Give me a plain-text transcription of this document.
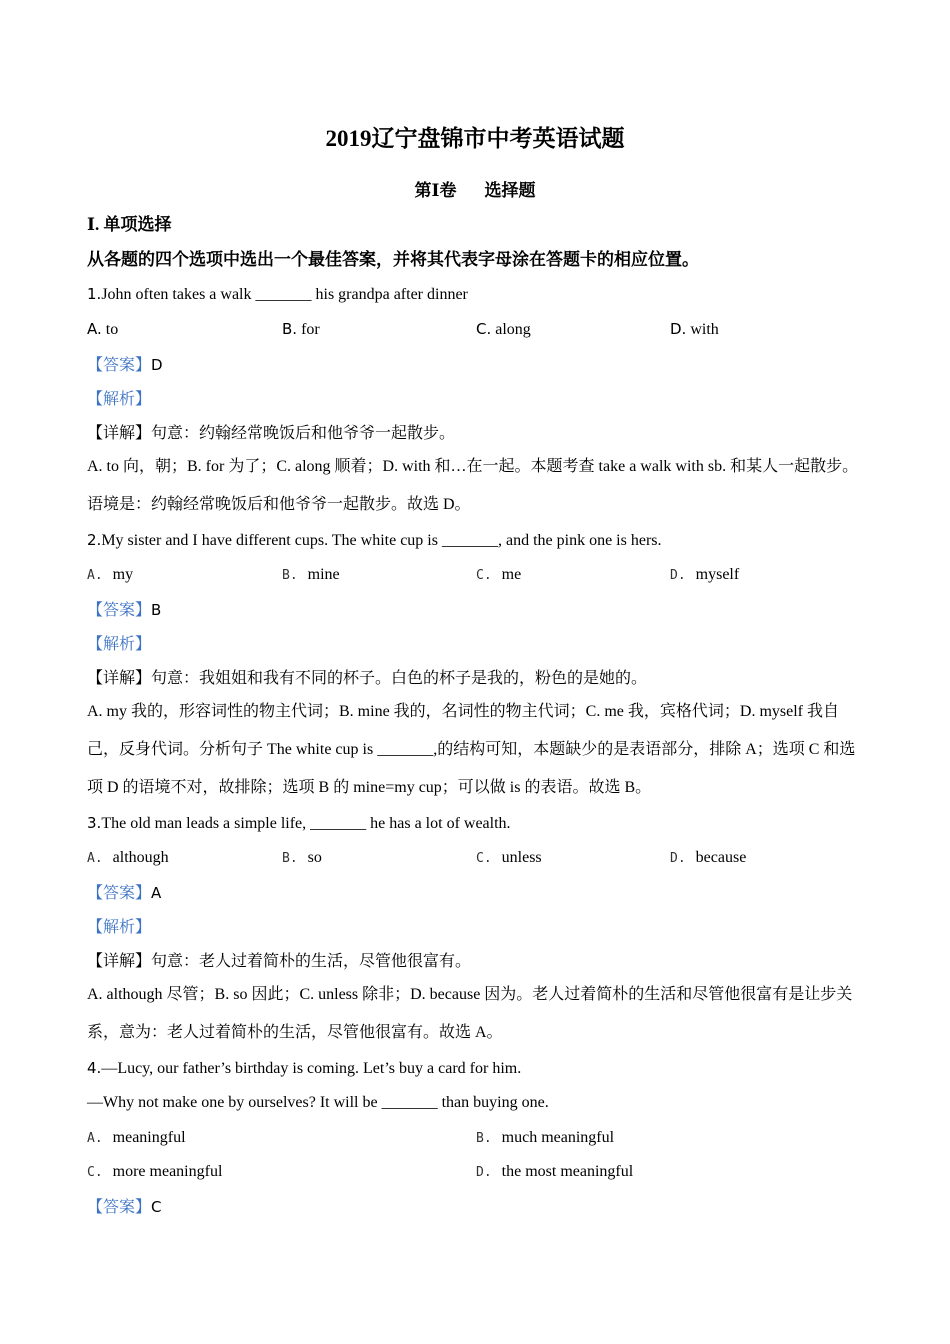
2019辽宁盘锦市中考英语试题
第Ⅰ卷 选择题
Ⅰ. 单项选择
从各题的四个选项中选出一个最佳答案，并将其代表字母涂在答题卡的相应位置。
1.John often takes a walk _______ his grandpa after dinner
A. to	B. for	C. along	D. with
【答案】D
【解析】
【详解】句意：约翰经常晚饭后和他爷爷一起散步。
A. to 向，朝；B. for 为了；C. along 顺着；D. with 和…在一起。本题考查 take a walk with sb. 和某人一起散步。语境是：约翰经常晚饭后和他爷爷一起散步。故选 D。
2.My sister and I have different cups. The white cup is _______, and the pink one is hers.
A. my	B. mine	C. me	D. myself
【答案】B
【解析】
【详解】句意：我姐姐和我有不同的杯子。白色的杯子是我的，粉色的是她的。
A. my 我的，形容词性的物主代词；B. mine 我的，名词性的物主代词；C. me 我，宾格代词；D. myself 我自己，反身代词。分析句子 The white cup is _______,的结构可知，本题缺少的是表语部分，排除 A；选项 C 和选项 D 的语境不对，故排除；选项 B 的 mine=my cup；可以做 is 的表语。故选 B。
3.The old man leads a simple life, _______ he has a lot of wealth.
A. although	B. so	C. unless	D. because
【答案】A
【解析】
【详解】句意：老人过着简朴的生活，尽管他很富有。
A. although 尽管；B. so 因此；C. unless 除非；D. because 因为。老人过着简朴的生活和尽管他很富有是让步关系，意为：老人过着简朴的生活，尽管他很富有。故选 A。
4.—Lucy, our father’s birthday is coming. Let’s buy a card for him.
—Why not make one by ourselves? It will be _______ than buying one.
A. meaningful	B. much meaningful
C. more meaningful	D. the most meaningful
【答案】C
